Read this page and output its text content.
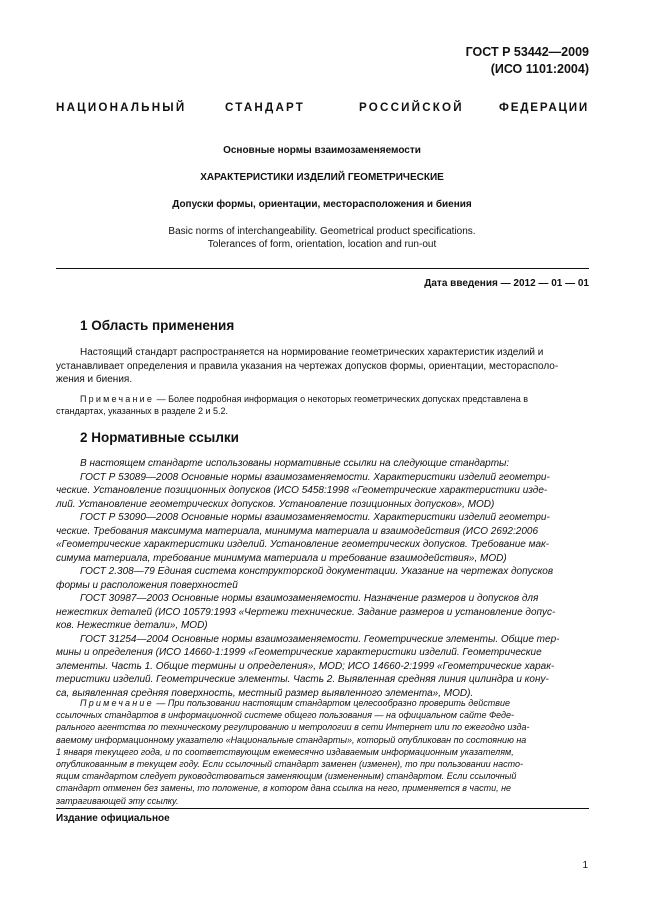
ГОСТ Р 53442—2009
(ИСО 1101:2004)
НАЦИОНАЛЬНЫЙ	СТАНДАРТ	РОССИЙСКОЙ	ФЕДЕРАЦИИ
Основные нормы взаимозаменяемости
ХАРАКТЕРИСТИКИ ИЗДЕЛИЙ ГЕОМЕТРИЧЕСКИЕ
Допуски формы, ориентации, месторасположения и биения
Basic norms of interchangeability. Geometrical product specifications.
Tolerances of form, orientation, location and run-out
Дата введения — 2012 — 01 — 01
1 Область применения
Настоящий стандарт распространяется на нормирование геометрических характеристик изделий и
устанавливает определения и правила указания на чертежах допусков формы, ориентации, месторасполо-
жения и биения.
Примечание — Более подробная информация о некоторых геометрических допусках представлена в
стандартах, указанных в разделе 2 и 5.2.
2 Нормативные ссылки
В настоящем стандарте использованы нормативные ссылки на следующие стандарты:
ГОСТ Р 53089—2008 Основные нормы взаимозаменяемости. Характеристики изделий геометри-
ческие. Установление позиционных допусков (ИСО 5458:1998 «Геометрические характеристики изде-
лий. Установление геометрических допусков. Установление позиционных допусков», MOD)
ГОСТ Р 53090—2008 Основные нормы взаимозаменяемости. Характеристики изделий геометри-
ческие. Требования максимума материала, минимума материала и взаимодействия (ИСО 2692:2006
«Геометрические характеристики изделий. Установление геометрических допусков. Требование мак-
симума материала, требование минимума материала и требование взаимодействия», MOD)
ГОСТ 2.308—79 Единая система конструкторской документации. Указание на чертежах допусков
формы и расположения поверхностей
ГОСТ 30987—2003 Основные нормы взаимозаменяемости. Назначение размеров и допусков для
нежестких деталей (ИСО 10579:1993 «Чертежи технические. Задание размеров и установление допус-
ков. Нежесткие детали», MOD)
ГОСТ 31254—2004 Основные нормы взаимозаменяемости. Геометрические элементы. Общие тер-
мины и определения (ИСО 14660-1:1999 «Геометрические характеристики изделий. Геометрические
элементы. Часть 1. Общие термины и определения», MOD; ИСО 14660-2:1999 «Геометрические харак-
теристики изделий. Геометрические элементы. Часть 2. Выявленная средняя линия цилиндра и кону-
са, выявленная средняя поверхность, местный размер выявленного элемента», MOD).
Примечание — При пользовании настоящим стандартом целесообразно проверить действие
ссылочных стандартов в информационной системе общего пользования — на официальном сайте Феде-
рального агентства по техническому регулированию и метрологии в сети Интернет или по ежегодно изда-
ваемому информационному указателю «Национальные стандарты», который опубликован по состоянию на
1 января текущего года, и по соответствующим ежемесячно издаваемым информационным указателям,
опубликованным в текущем году. Если ссылочный стандарт заменен (изменен), то при пользовании насто-
ящим стандартом следует руководствоваться заменяющим (измененным) стандартом. Если ссылочный
стандарт отменен без замены, то положение, в котором дана ссылка на него, применяется в части, не
затрагивающей эту ссылку.
Издание официальное
1
